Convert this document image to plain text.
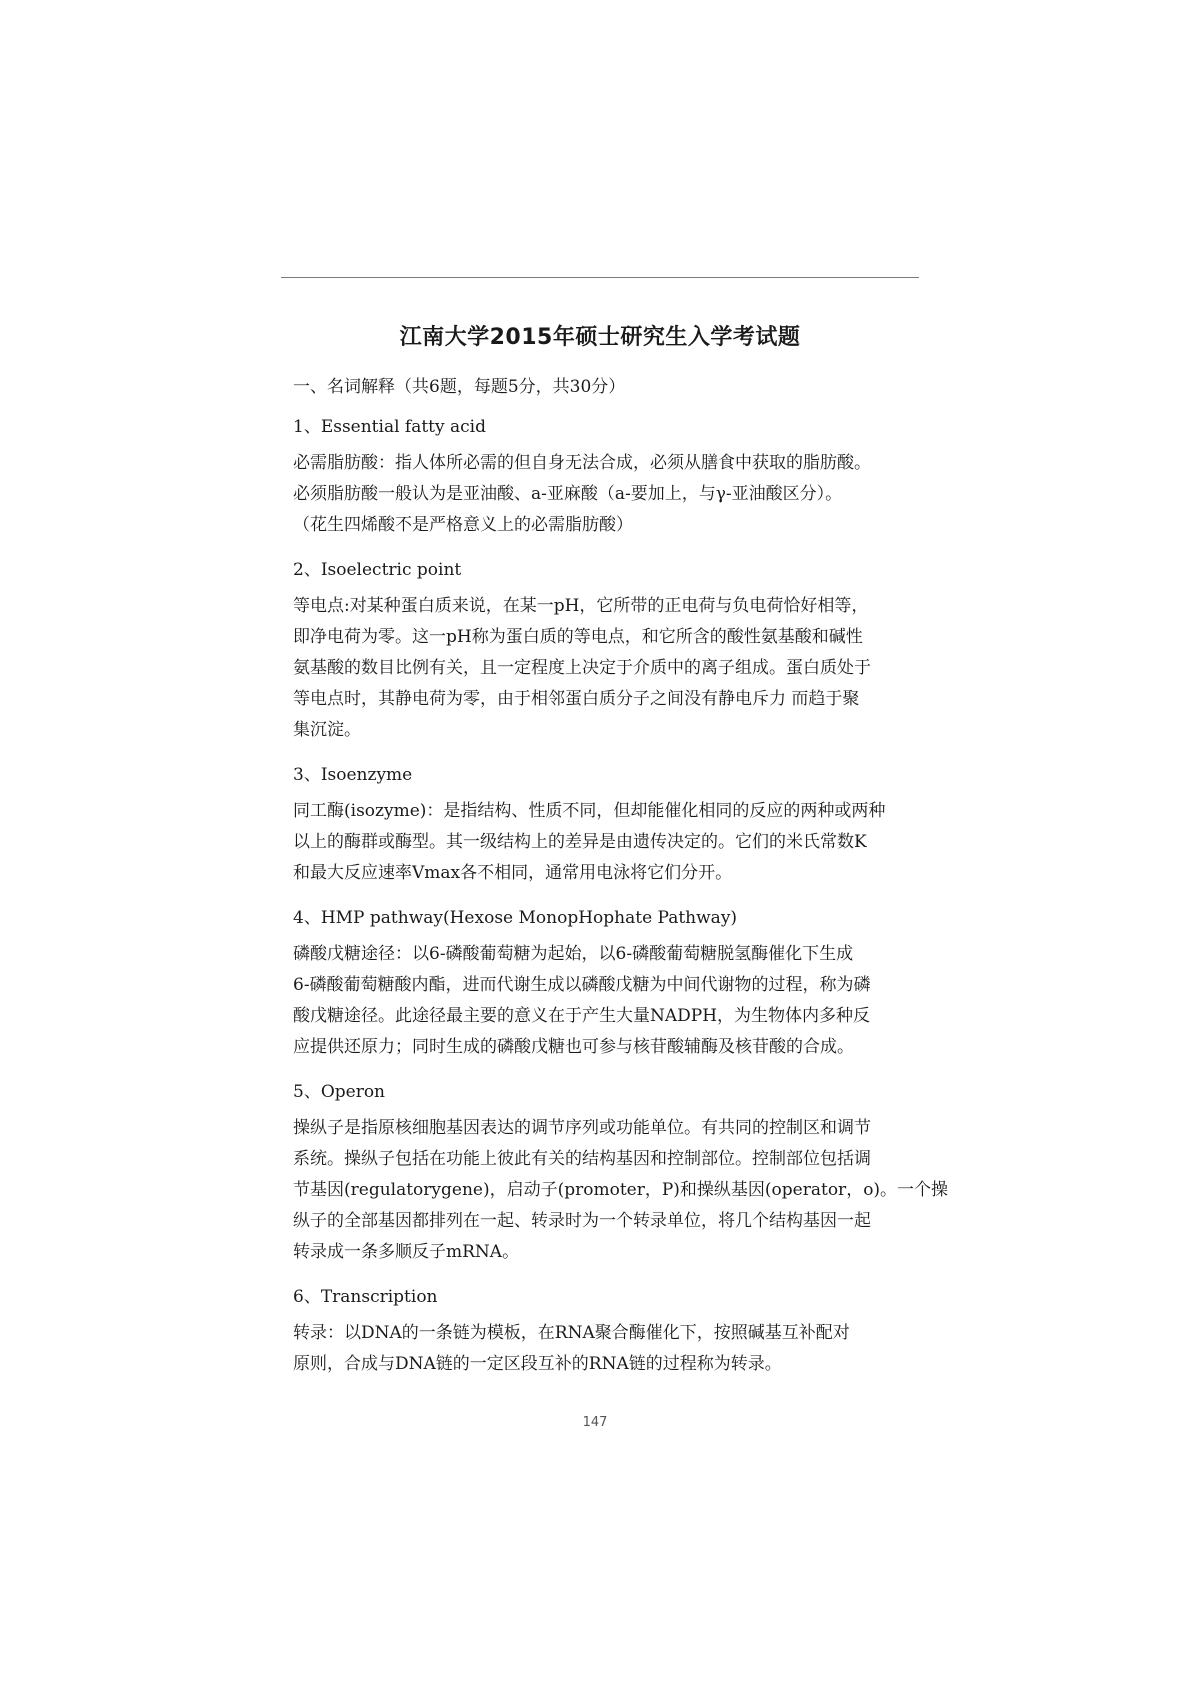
江南大学2015年硕士研究生入学考试题
一、名词解释（共6题，每题5分，共30分）
1、Essential fatty acid
必需脂肪酸：指人体所必需的但自身无法合成，必须从膳食中获取的脂肪酸。
必须脂肪酸一般认为是亚油酸、a-亚麻酸（a-要加上，与γ-亚油酸区分）。
（花生四烯酸不是严格意义上的必需脂肪酸）
2、Isoelectric point
等电点:对某种蛋白质来说，在某一pH，它所带的正电荷与负电荷恰好相等，
即净电荷为零。这一pH称为蛋白质的等电点，和它所含的酸性氨基酸和碱性
氨基酸的数目比例有关，且一定程度上决定于介质中的离子组成。蛋白质处于
等电点时，其静电荷为零，由于相邻蛋白质分子之间没有静电斥力 而趋于聚
集沉淀。
3、Isoenzyme
同工酶(isozyme)：是指结构、性质不同，但却能催化相同的反应的两种或两种
以上的酶群或酶型。其一级结构上的差异是由遗传决定的。它们的米氏常数K
和最大反应速率Vmax各不相同，通常用电泳将它们分开。
4、HMP pathway(Hexose MonopHophate Pathway)
磷酸戊糖途径：以6-磷酸葡萄糖为起始，以6-磷酸葡萄糖脱氢酶催化下生成
6-磷酸葡萄糖酸内酯，进而代谢生成以磷酸戊糖为中间代谢物的过程，称为磷
酸戊糖途径。此途径最主要的意义在于产生大量NADPH，为生物体内多种反
应提供还原力；同时生成的磷酸戊糖也可参与核苷酸辅酶及核苷酸的合成。
5、Operon
操纵子是指原核细胞基因表达的调节序列或功能单位。有共同的控制区和调节
系统。操纵子包括在功能上彼此有关的结构基因和控制部位。控制部位包括调
节基因(regulatorygene)，启动子(promoter，P)和操纵基因(operator，o)。一个操
纵子的全部基因都排列在一起、转录时为一个转录单位，将几个结构基因一起
转录成一条多顺反子mRNA。
6、Transcription
转录：以DNA的一条链为模板，在RNA聚合酶催化下，按照碱基互补配对
原则，合成与DNA链的一定区段互补的RNA链的过程称为转录。
147
